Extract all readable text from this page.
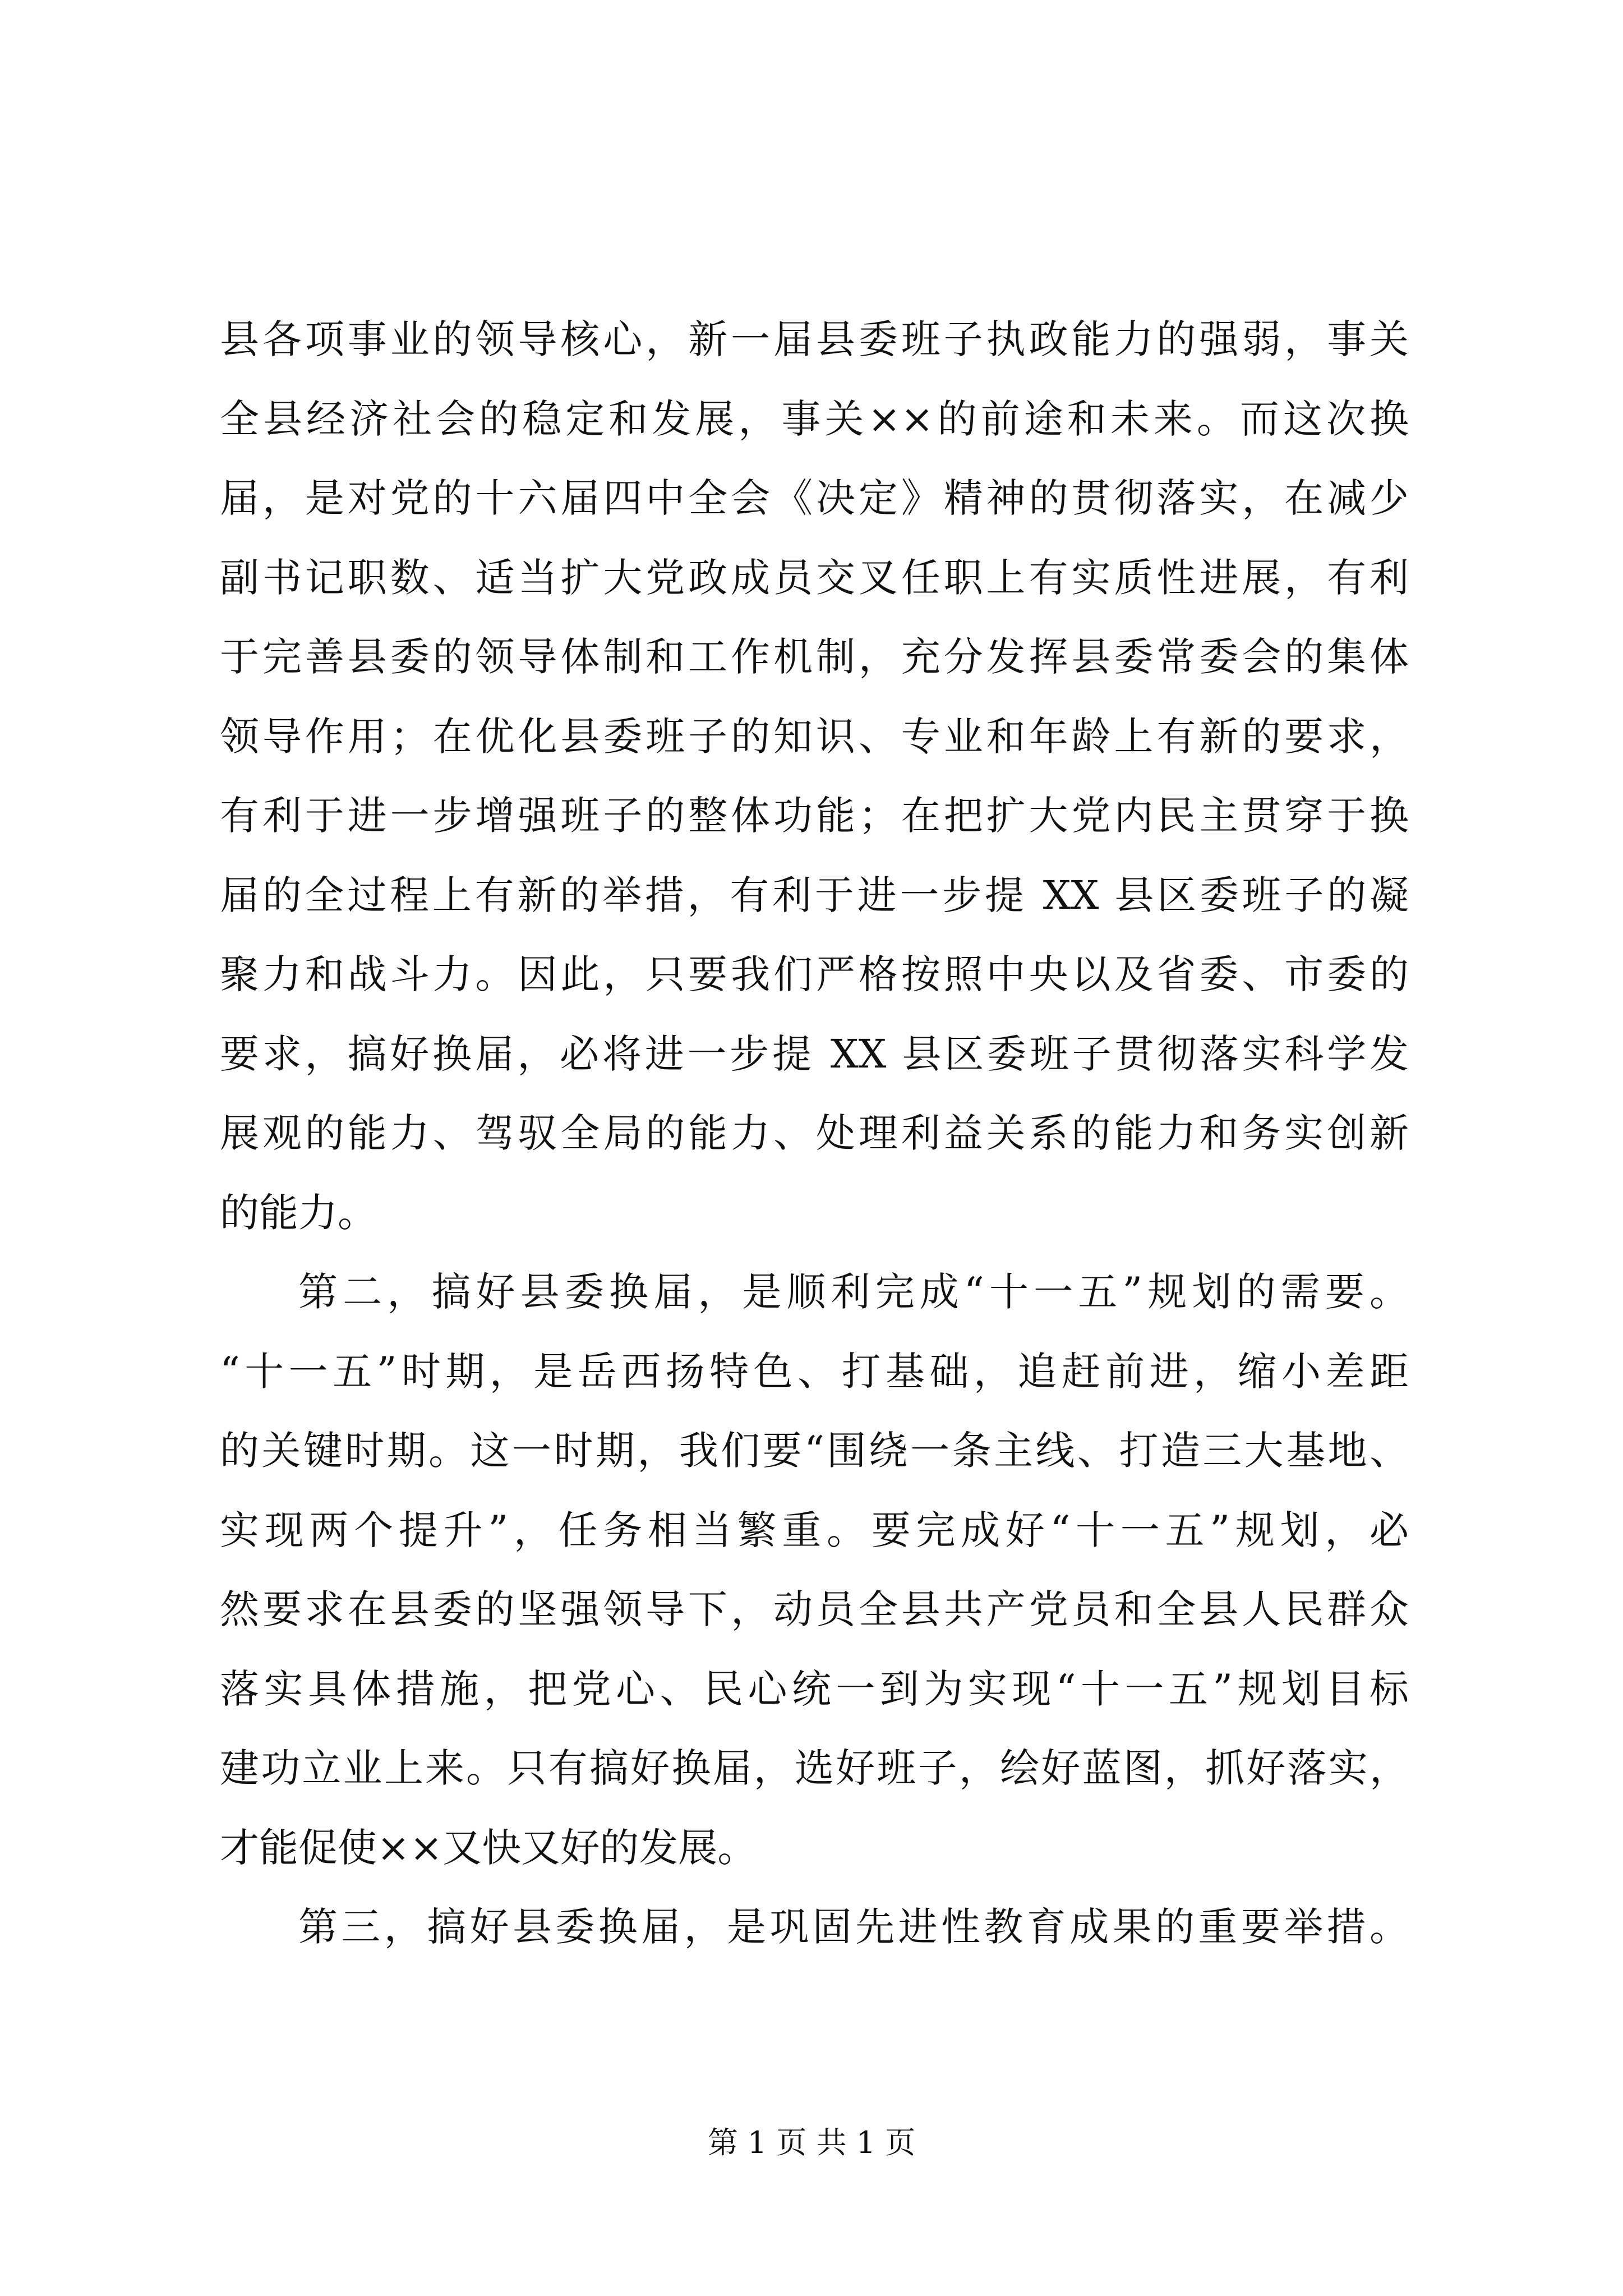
县各项事业的领导核心，新一届县委班子执政能力的强弱，事关
全县经济社会的稳定和发展，事关××的前途和未来。而这次换
届，是对党的十六届四中全会《决定》精神的贯彻落实，在减少
副书记职数、适当扩大党政成员交叉任职上有实质性进展，有利
于完善县委的领导体制和工作机制，充分发挥县委常委会的集体
领导作用；在优化县委班子的知识、专业和年龄上有新的要求，
有利于进一步增强班子的整体功能；在把扩大党内民主贯穿于换
届的全过程上有新的举措，有利于进一步提 XX 县区委班子的凝
聚力和战斗力。因此，只要我们严格按照中央以及省委、市委的
要求，搞好换届，必将进一步提 XX 县区委班子贯彻落实科学发
展观的能力、驾驭全局的能力、处理利益关系的能力和务实创新
的能力。
第二，搞好县委换届，是顺利完成“十一五”规划的需要。
“十一五”时期，是岳西扬特色、打基础，追赶前进，缩小差距
的关键时期。这一时期，我们要“围绕一条主线、打造三大基地、
实现两个提升”，任务相当繁重。要完成好“十一五”规划，必
然要求在县委的坚强领导下，动员全县共产党员和全县人民群众
落实具体措施，把党心、民心统一到为实现“十一五”规划目标
建功立业上来。只有搞好换届，选好班子，绘好蓝图，抓好落实，
才能促使××又快又好的发展。
第三，搞好县委换届，是巩固先进性教育成果的重要举措。
第 1 页 共 1 页
